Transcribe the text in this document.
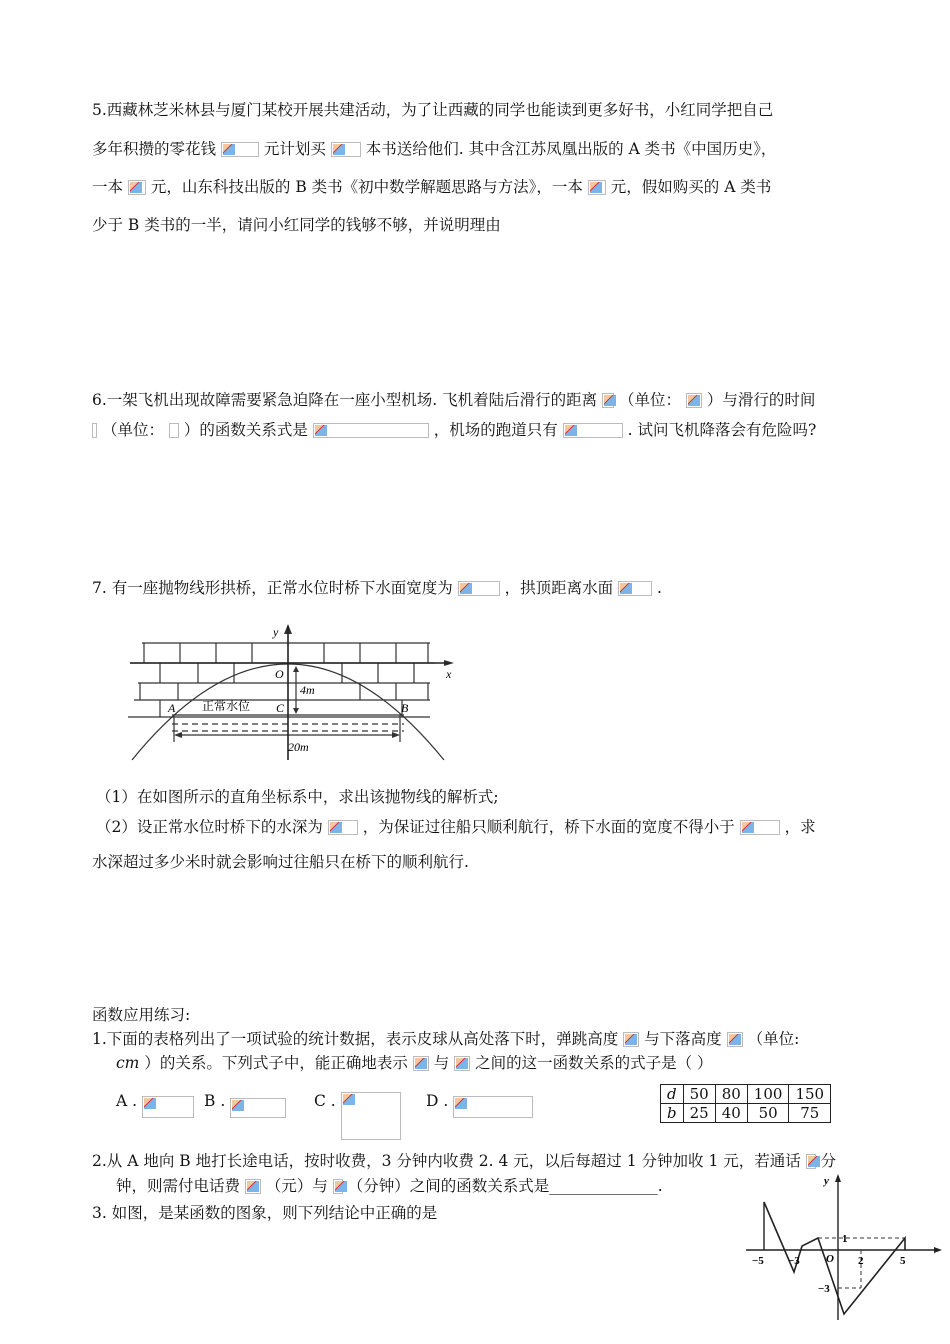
5.西藏林芝米林县与厦门某校开展共建活动，为了让西藏的同学也能读到更多好书，小红同学把自己
多年积攒的零花钱	元计划买	本书送给他们. 其中含江苏凤凰出版的 A 类书《中国历史》，
一本 元，山东科技出版的 B 类书《初中数学解题思路与方法》，一本 元，假如购买的 A 类书
少于 B 类书的一半，请问小红同学的钱够不够，并说明理由
6.一架飞机出现故障需要紧急迫降在一座小型机场. 飞机着陆后滑行的距离 （单位： ）与滑行的时间
（单位： ）的函数关系式是	，机场的跑道只有	. 试问飞机降落会有危险吗?
7. 有一座抛物线形拱桥，正常水位时桥下水面宽度为	，拱顶距离水面	.
y
x
O
A	B
C
4m
20m
正常水位
（1）在如图所示的直角坐标系中，求出该抛物线的解析式;
（2）设正常水位时桥下的水深为	，为保证过往船只顺利航行，桥下水面的宽度不得小于	，求
水深超过多少米时就会影响过往船只在桥下的顺利航行.
函数应用练习:
1.下面的表格列出了一项试验的统计数据，表示皮球从高处落下时，弹跳高度 与下落高度 （单位:
cm ）的关系。下列式子中，能正确地表示 与 之间的这一函数关系的式子是（ ）
A .	B .	C .	D .	d	50	80	100	150
b	25	40	50	75
2.从 A 地向 B 地打长途电话，按时收费，3 分钟内收费 2. 4 元，以后每超过 1 分钟加收 1 元，若通话 分
钟，则需付电话费 （元）与 （分钟）之间的函数关系式是______________.
3. 如图，是某函数的图象，则下列结论中正确的是
y
O
−5 −3	2	5
1
−3
